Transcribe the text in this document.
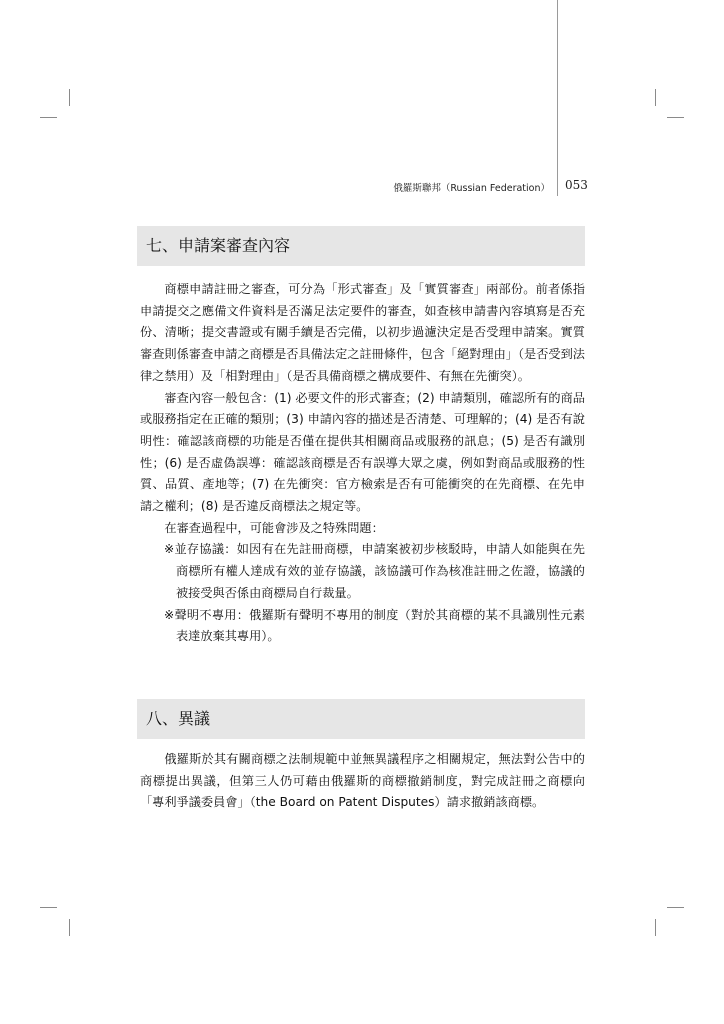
俄羅斯聯邦（Russian Federation） 053
七、申請案審查內容

商標申請註冊之審查，可分為「形式審查」及「實質審查」兩部份。前者係指申請提交之應備文件資料是否滿足法定要件的審查，如查核申請書內容填寫是否充份、清晰；提交書證或有關手續是否完備，以初步過濾決定是否受理申請案。實質審查則係審查申請之商標是否具備法定之註冊條件，包含「絕對理由」（是否受到法律之禁用）及「相對理由」（是否具備商標之構成要件、有無在先衝突）。

審查內容一般包含：(1) 必要文件的形式審查；(2) 申請類別，確認所有的商品或服務指定在正確的類別；(3) 申請內容的描述是否清楚、可理解的；(4) 是否有說明性：確認該商標的功能是否僅在提供其相關商品或服務的訊息；(5) 是否有識別性；(6) 是否虛偽誤導：確認該商標是否有誤導大眾之虞，例如對商品或服務的性質、品質、產地等；(7) 在先衝突：官方檢索是否有可能衝突的在先商標、在先申請之權利；(8) 是否違反商標法之規定等。

在審查過程中，可能會涉及之特殊問題：

※並存協議：如因有在先註冊商標，申請案被初步核駁時，申請人如能與在先商標所有權人達成有效的並存協議，該協議可作為核准註冊之佐證，協議的被接受與否係由商標局自行裁量。

※聲明不專用：俄羅斯有聲明不專用的制度（對於其商標的某不具識別性元素表達放棄其專用）。

八、異議

俄羅斯於其有關商標之法制規範中並無異議程序之相關規定，無法對公告中的商標提出異議，但第三人仍可藉由俄羅斯的商標撤銷制度，對完成註冊之商標向「專利爭議委員會」（the Board on Patent Disputes）請求撤銷該商標。
